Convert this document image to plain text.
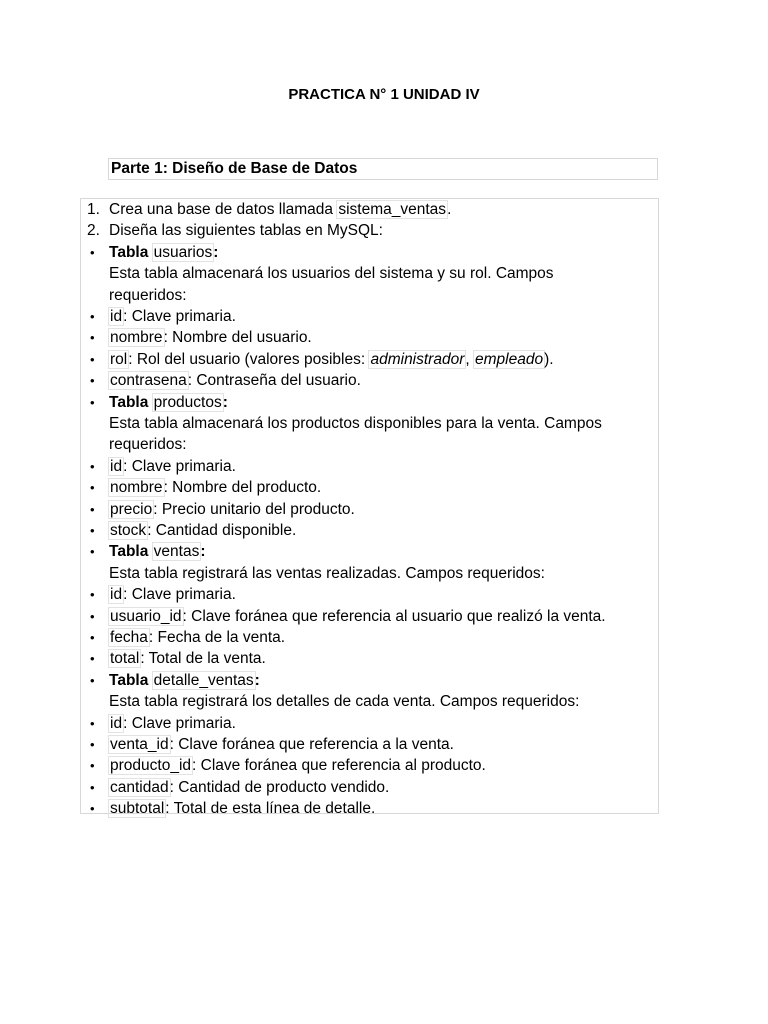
PRACTICA N° 1 UNIDAD IV
Parte 1: Diseño de Base de Datos
1. Crea una base de datos llamada sistema_ventas.
2. Diseña las siguientes tablas en MySQL:
• Tabla usuarios:
Esta tabla almacenará los usuarios del sistema y su rol. Campos
requeridos:
• id: Clave primaria.
• nombre: Nombre del usuario.
• rol: Rol del usuario (valores posibles: administrador, empleado).
• contrasena: Contraseña del usuario.
• Tabla productos:
Esta tabla almacenará los productos disponibles para la venta. Campos
requeridos:
• id: Clave primaria.
• nombre: Nombre del producto.
• precio: Precio unitario del producto.
• stock: Cantidad disponible.
• Tabla ventas:
Esta tabla registrará las ventas realizadas. Campos requeridos:
• id: Clave primaria.
• usuario_id: Clave foránea que referencia al usuario que realizó la venta.
• fecha: Fecha de la venta.
• total: Total de la venta.
• Tabla detalle_ventas:
Esta tabla registrará los detalles de cada venta. Campos requeridos:
• id: Clave primaria.
• venta_id: Clave foránea que referencia a la venta.
• producto_id: Clave foránea que referencia al producto.
• cantidad: Cantidad de producto vendido.
• subtotal: Total de esta línea de detalle.
